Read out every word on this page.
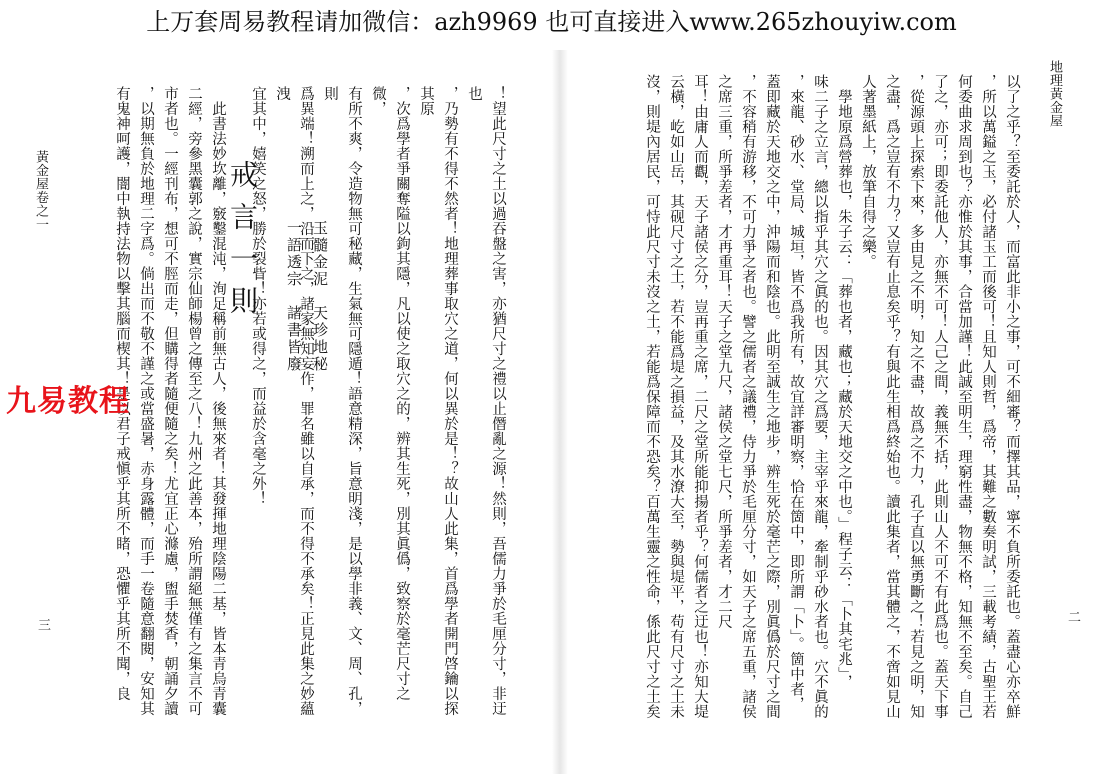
上万套周易教程请加微信：azh9969 也可直接进入www.265zhouyiw.com
三
黃金屋卷之一	　此書法妙坎離，竅鑿混沌，洵足稱前無古人，後無來者！其發揮地理陰陽二基，皆本青烏青囊
二經，旁參黑囊郭之說，實宗仙師楊曾之傳至之八！九州之此善本，殆所謂絕無僅有之集言不可
市者也。一經刊布，想可不脛而走，但購得者隨便隨之矣！尤宜正心滌慮，盥手焚香，朝誦夕讀
，以期無負於地理二字爲。倘出而不敬不謹之或當盛暑，赤身露體，而手一卷隨意翻閱，安知其
有鬼神呵護，闇中執持法物以擊其腦而楔其！是以君子戒愼乎其所不睹，恐懼乎其所不聞，良	戒言一則 一語透宗　諸書皆廢 玉髓金泥　天珍地秘	！望此尺寸之土以過吞盤之害，亦猶尺寸之禮以止僭亂之源！然則，吾儒力爭於毛厘分寸，非迂也
，乃勢有不得不然者！地理葬事取穴之道，何以異於是！？故山人此集，首爲學者開門啓鑰以探其原
，次爲學者爭關奪隘以鉤其隱，凡以使之取穴之的，辨其生死，別其眞僞，致察於毫芒尺寸之微，
有所不爽，令造物無可秘藏，生氣無可隱遁！語意精深，旨意明淺，是以學非義、文、周、孔，則
爲異端！溯而上之，沿而下之，諸家無知妄作，罪名雖以自承，而不得不承矣！正見此集之妙蘊洩
宜其中，嬉笑之怒，勝於裂眥！亦若或得之，而益於含毫之外！	以了之乎？至委託於人，而富此非小之事，可不細審？而擇其品，寧不負所委託也。蓋盡心亦卒鮮
，所以萬鎰之玉，必付諸玉工而後可！且知人則哲，爲帝，其難之數奏明試，三載考績，古聖王若
何委曲求周到也？亦惟於其事，合當加謹！此誠至明生，理窮性盡，物無不格，知無不至矣。自己
了之，亦可；即委託他人，亦無不可！人己之間，義無不括，此則山人不可不有此爲也。蓋天下事
，從源頭上探索下來，多由見之不明，知之不盡，故爲之不力，孔子直以無勇斷之！若見之明，知
之盡，爲之豈有不力？又豈有止息矣乎？有與此生相爲終始也。讀此集者，當其體之，不啻如見山
人著墨紙上，放筆自得之樂。
　學地原爲營葬也，朱子云：「葬也者，藏也；藏於天地交之中也。」程子云：「卜其宅兆」，
味二子之立言，總以指乎其穴之眞的也。因其穴之爲要，主宰乎來龍，牽制乎砂水者也。穴不眞的
，來龍、砂水、堂局、城垣，皆不爲我所有，故宜詳審明察，恰在箇中，即所謂「卜」。箇中者，
蓋即藏於天地交之中，沖陽而和陰也。此明至誠生之地步，辨生死於毫芒之際，別眞僞於尺寸之間
，不容稍有游移，不可力爭之者也。譬之儒者之議禮，侍力爭於毛厘分寸，如天子之席五重，諸侯
之席三重，所爭差者，才再重耳！天子之堂九尺，諸侯之堂七尺，所爭差者，才二尺
耳！由庸人而觀，天子諸侯之分，豈再重之席，二尺之堂所能抑揚者乎？何儒者之迂也！亦知大堤
云橫，屹如山岳，其砚尺寸之土，若不能爲堤之損益，及其水潦大至，勢與堤平，苟有尺寸之土未
沒，則堤內居民，可恃此尺寸未沒之土，若能爲保障而不恐矣？百萬生靈之性命，係此尺寸之土矣	地理黃金屋
二
九易教程
